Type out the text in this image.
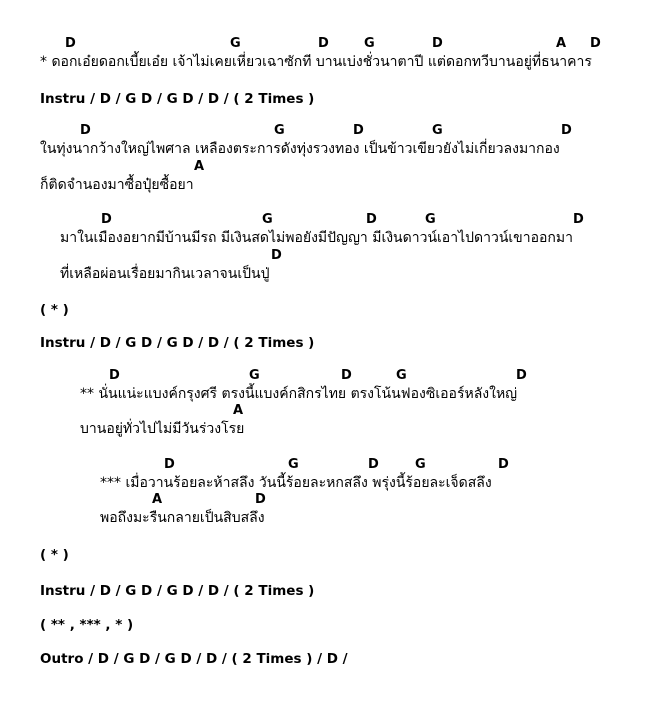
D	G	D	G	D	A D
* ดอกเอ๋ยดอกเบี้ยเอ๋ย เจ้าไม่เคยเหี่ยวเฉาซักที บานเบ่งชั่วนาตาปี แต่ดอกทวีบานอยู่ที่ธนาคาร
Instru / D / G D / G D / D / ( 2 Times )
D	G	D	G	D
ในทุ่งนากว้างใหญ่ไพศาล เหลืองตระการดังทุ่งรวงทอง เป็นข้าวเขียวยังไม่เกี่ยวลงมากอง
A
ก็ติดจำนองมาซื้อปุ๋ยซื้อยา
D	G	D	G	D
มาในเมืองอยากมีบ้านมีรถ มีเงินสดไม่พอยังมีปัญญา มีเงินดาวน์เอาไปดาวน์เขาออกมา
D
ที่เหลือผ่อนเรื่อยมากินเวลาจนเป็นปู่
( * )
Instru / D / G D / G D / D / ( 2 Times )
D	G	D	G	D
** นั่นแน่ะแบงค์กรุงศรี ตรงนี้แบงค์กสิกรไทย ตรงโน้นฟองซิเออร์หลังใหญ่
A
บานอยู่ทั่วไปไม่มีวันร่วงโรย
D	G	D	G	D
*** เมื่อวานร้อยละห้าสลึง วันนี้ร้อยละหกสลึง พรุ่งนี้ร้อยละเจ็ดสลึง
A	D
พอถึงมะรืนกลายเป็นสิบสลึง
( * )
Instru / D / G D / G D / D / ( 2 Times )
( ** , *** , * )
Outro / D / G D / G D / D / ( 2 Times ) / D /
